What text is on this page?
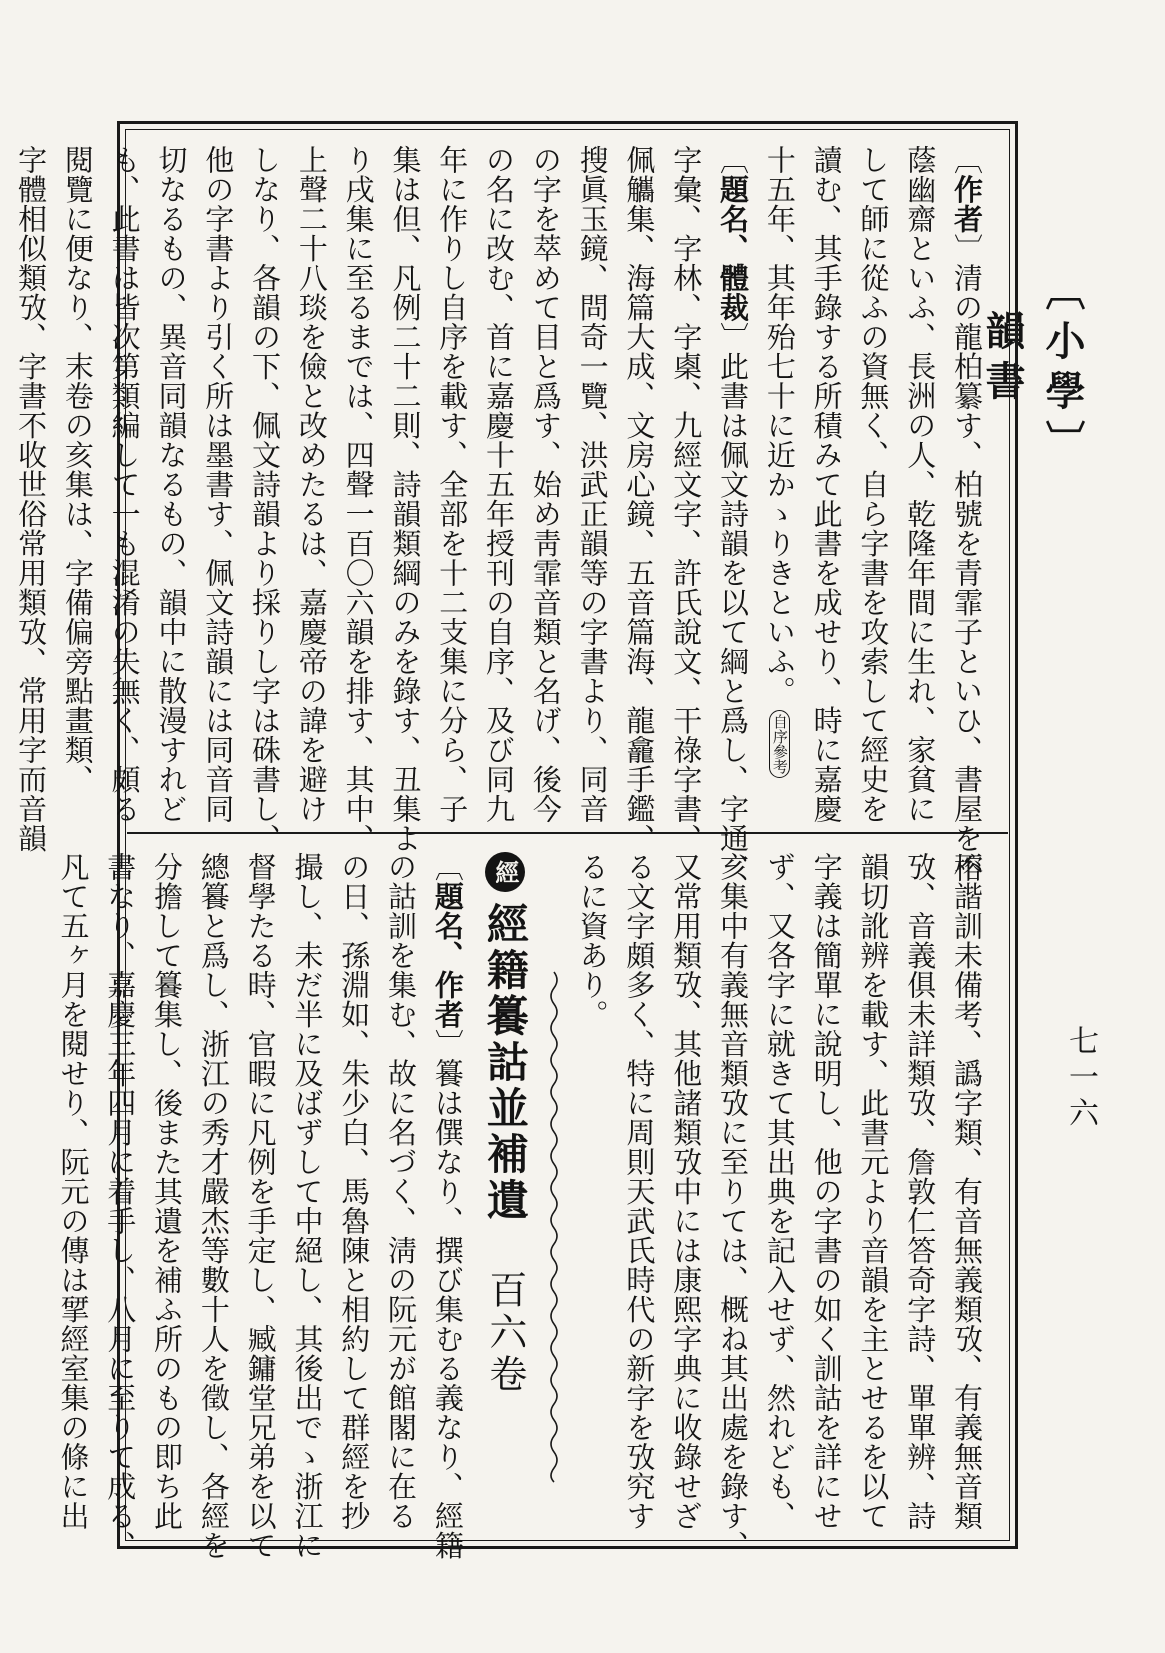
〔小學〕 韻書
七一六
〔作者〕清の龍柏纂す、柏號を青霏子といひ、書屋を榕
蔭幽齋といふ、長洲の人、乾隆年間に生れ、家貧に
して師に從ふの資無く、自ら字書を攻索して經史を
讀む、其手錄する所積みて此書を成せり、時に嘉慶
十五年、其年殆七十に近かゝりきといふ。自序參考
〔題名、體裁〕此書は佩文詩韻を以て綱と爲し、字通、
字彙、字林、字㮚、九經文字、許氏說文、干祿字書、
佩觿集、海篇大成、文房心鏡、五音篇海、龍龕手鑑、
搜眞玉鏡、問奇一覽、洪武正韻等の字書より、同音
の字を萃めて目と爲す、始め靑霏音類と名げ、後今
の名に改む、首に嘉慶十五年授刊の自序、及び同九
年に作りし自序を載す、全部を十二支集に分ら、子
集は但、凡例二十二則、詩韻類綱のみを錄す、丑集よ
り戌集に至るまでは、四聲一百〇六韻を排す、其中、
上聲二十八琰を儉と改めたるは、嘉慶帝の諱を避け
しなり、各韻の下、佩文詩韻より採りし字は硃書し、
他の字書より引く所は墨書す、佩文詩韻には同音同
切なるもの、異音同韻なるもの、韻中に散漫すれど
も、此書は皆次第類編して一も混淆の失無く、頗る
閱覽に便なり、末卷の亥集は、字備偏旁點畫類、
字體相似類攷、字書不收世俗常用類攷、常用字而音韻
不諧訓未備考、譌字類、有音無義類攷、有義無音類
攷、音義俱未詳類攷、詹敦仁答奇字詩、單單辨、詩
韻切訛辨を載す、此書元より音韻を主とせるを以て
字義は簡單に說明し、他の字書の如く訓詁を詳にせ
ず、又各字に就きて其出典を記入せず、然れども、
亥集中有義無音類攷に至りては、概ね其出處を錄す、
又常用類攷、其他諸類攷中には康熙字典に收錄せざ
る文字頗多く、特に周則天武氏時代の新字を攷究す
るに資あり。
經經籍籑詁並補遺　百六卷
〔題名、作者〕籑は僎なり、撰び集むる義なり、經籍
の詁訓を集む、故に名づく、淸の阮元が館閣に在る
の日、孫淵如、朱少白、馬魯陳と相約して群經を抄
撮し、未だ半に及ばずして中絕し、其後出でゝ浙江に
督學たる時、官暇に凡例を手定し、臧鏞堂兄弟を以て
總籑と爲し、浙江の秀才嚴杰等數十人を徵し、各經を
分擔して籑集し、後また其遺を補ふ所のもの即ち此
書なり、嘉慶三年四月に着手し、八月に至りて成る、
凡て五ヶ月を閱せり、阮元の傳は揅經室集の條に出
